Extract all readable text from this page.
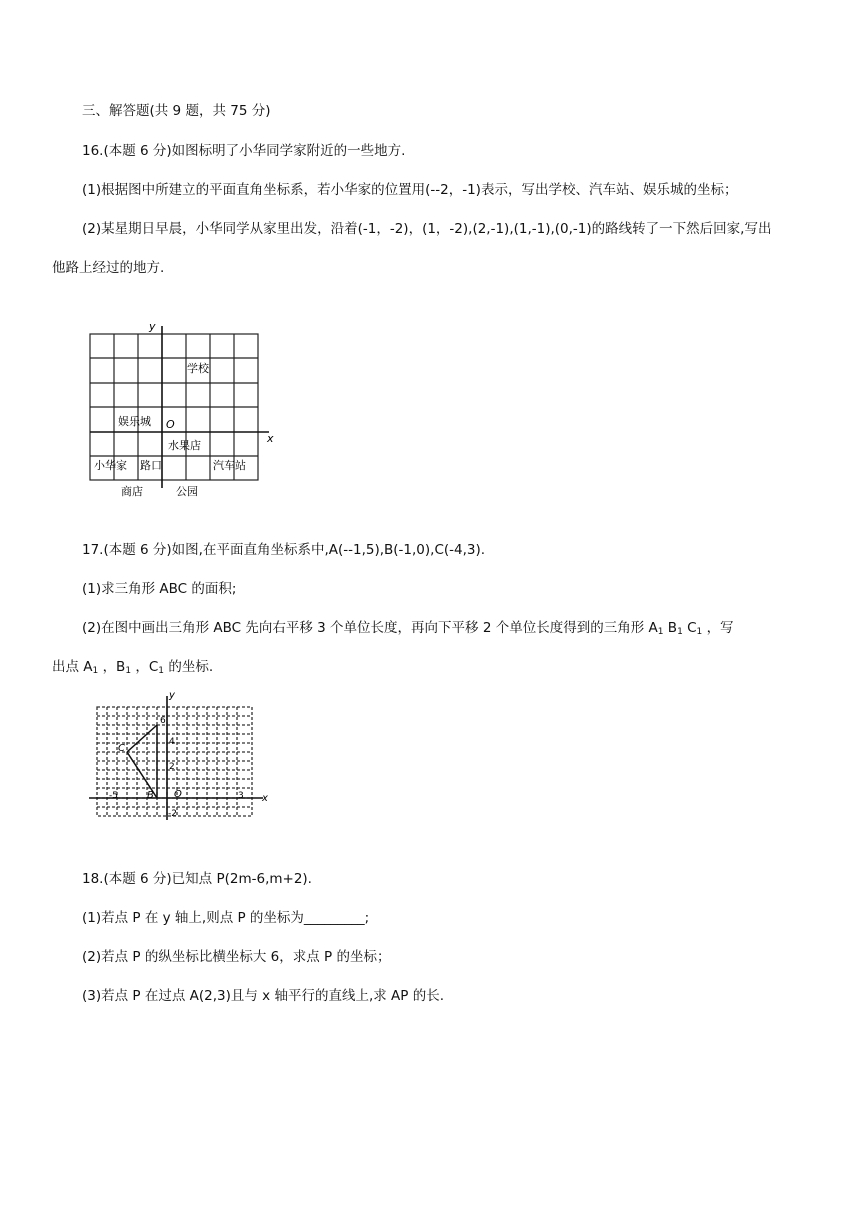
三、解答题(共 9 题，共 75 分)
16.(本题 6 分)如图标明了小华同学家附近的一些地方.
(1)根据图中所建立的平面直角坐标系，若小华家的位置用(--2，-1)表示，写出学校、汽车站、娱乐城的坐标；
(2)某星期日早晨，小华同学从家里出发，沿着(-1，-2)，(1，-2),(2,-1),(1,-1),(0,-1)的路线转了一下然后回家,写出
他路上经过的地方.
y
x
O
学校
娱乐城
水果店
小华家 路口	汽车站
商店	公园
17.(本题 6 分)如图,在平面直角坐标系中,A(--1,5),B(-1,0),C(-4,3).
(1)求三角形 ABC 的面积;
(2)在图中画出三角形 ABC 先向右平移 3 个单位长度，再向下平移 2 个单位长度得到的三角形 $A_1$ $B_1$ $C_1$ ，写
出点 $A_1$ ，$B_1$ ，$C_1$ 的坐标.
y
x
O
C
B
6
4
2
-2
-5	3
18.(本题 6 分)已知点 P(2m-6,m+2).
(1)若点 P 在 y 轴上,则点 P 的坐标为_________;
(2)若点 P 的纵坐标比横坐标大 6，求点 P 的坐标；
(3)若点 P 在过点 A(2,3)且与 x 轴平行的直线上,求 AP 的长.
